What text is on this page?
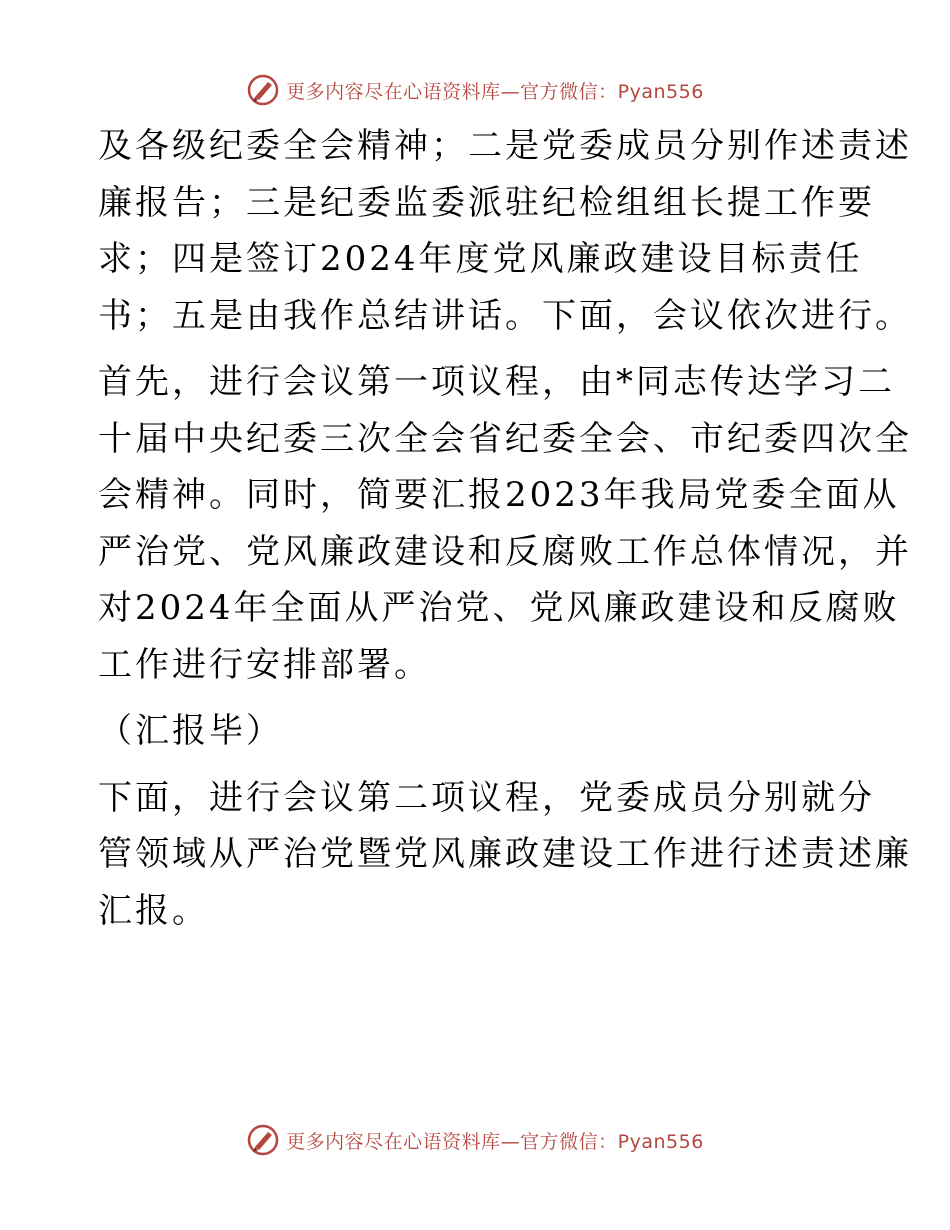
更多内容尽在心语资料库—官方微信：Pyan556
及各级纪委全会精神；二是党委成员分别作述责述
廉报告；三是纪委监委派驻纪检组组长提工作要
求；四是签订2024年度党风廉政建设目标责任
书；五是由我作总结讲话。下面，会议依次进行。
首先，进行会议第一项议程，由*同志传达学习二
十届中央纪委三次全会省纪委全会、市纪委四次全
会精神。同时，简要汇报2023年我局党委全面从
严治党、党风廉政建设和反腐败工作总体情况，并
对2024年全面从严治党、党风廉政建设和反腐败
工作进行安排部署。
（汇报毕）
下面，进行会议第二项议程，党委成员分别就分
管领域从严治党暨党风廉政建设工作进行述责述廉
汇报。
更多内容尽在心语资料库—官方微信：Pyan556
